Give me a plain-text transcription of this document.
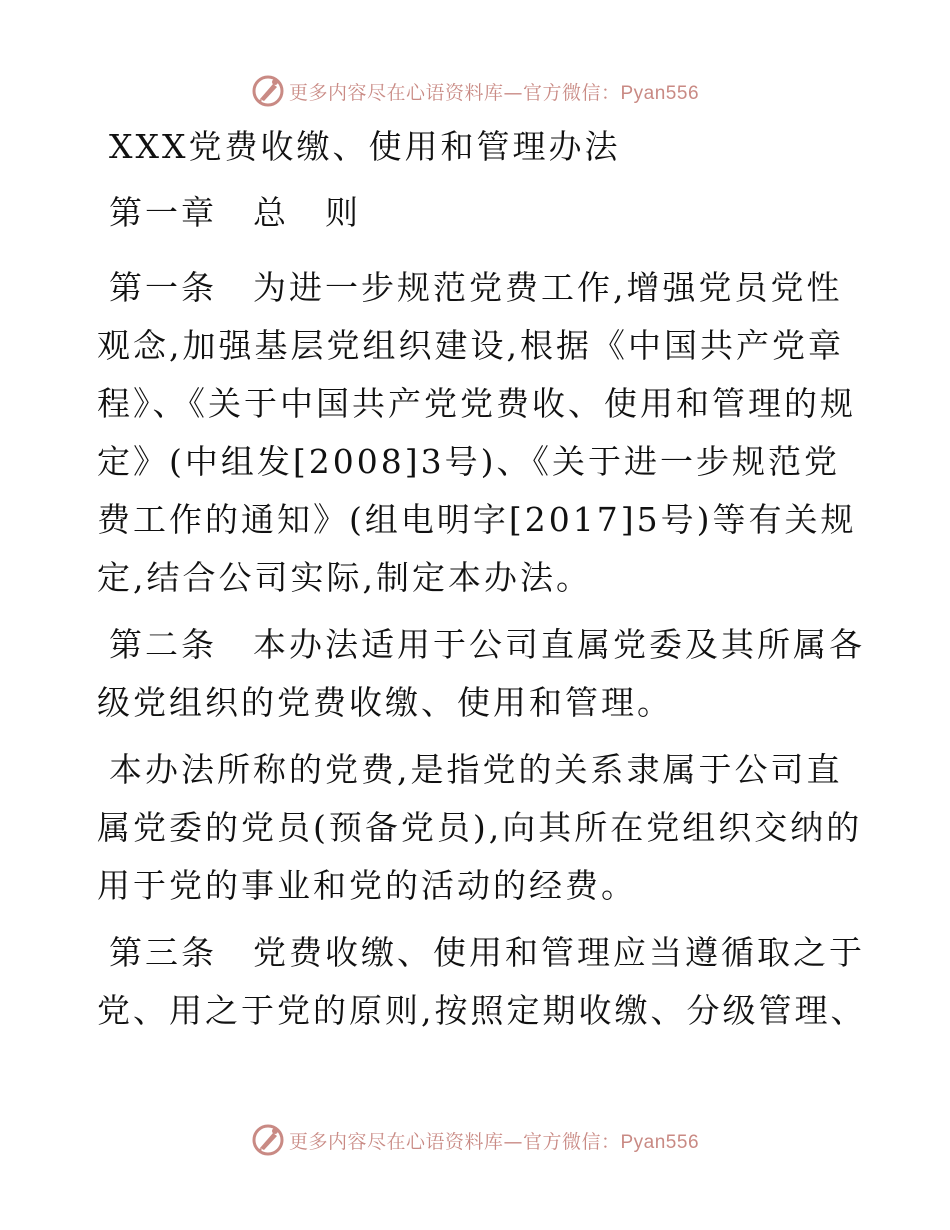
更多内容尽在心语资料库—官方微信：Pyan556

XXX党费收缴、使用和管理办法

第一章　总　则

第一条　为进一步规范党费工作,增强党员党性观念,加强基层党组织建设,根据《中国共产党章程》、《关于中国共产党党费收、使用和管理的规定》(中组发[2008]3号)、《关于进一步规范党费工作的通知》(组电明字[2017]5号)等有关规定,结合公司实际,制定本办法。

第二条　本办法适用于公司直属党委及其所属各级党组织的党费收缴、使用和管理。

本办法所称的党费,是指党的关系隶属于公司直属党委的党员(预备党员),向其所在党组织交纳的用于党的事业和党的活动的经费。

第三条　党费收缴、使用和管理应当遵循取之于党、用之于党的原则,按照定期收缴、分级管理、

更多内容尽在心语资料库—官方微信：Pyan556
